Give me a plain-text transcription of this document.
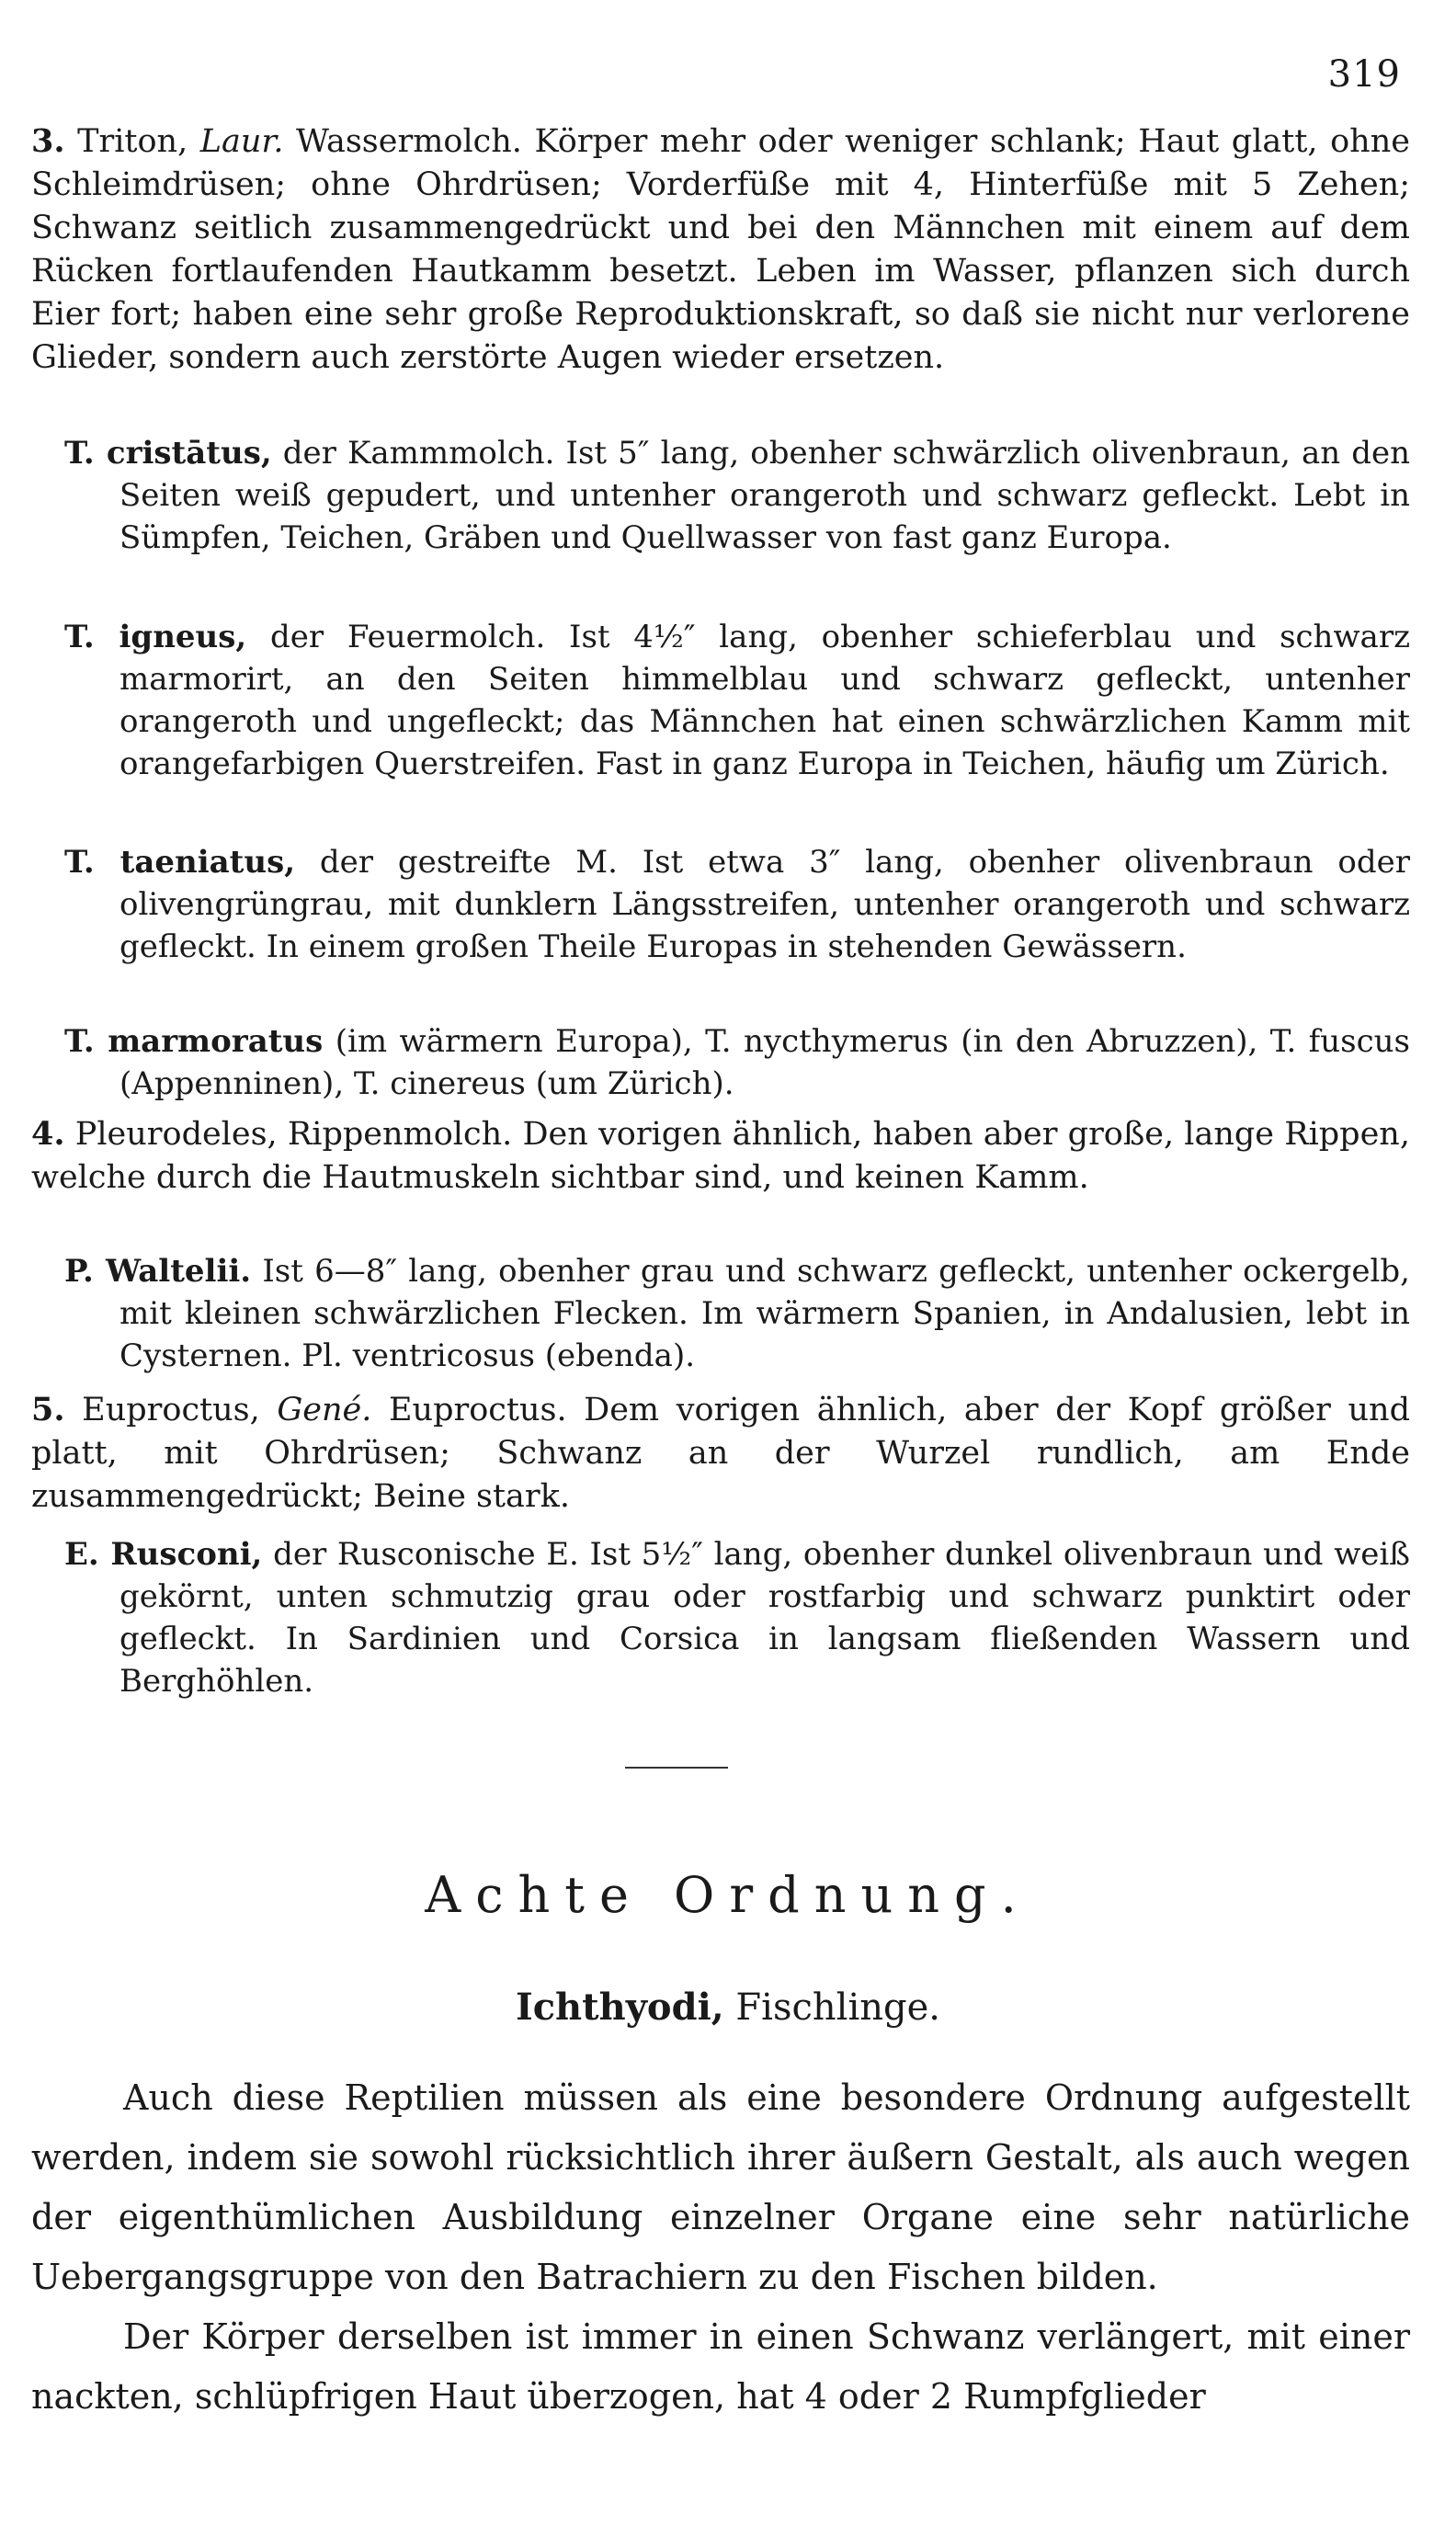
319

3. Triton, Laur. Wassermolch. Körper mehr oder weniger schlank; Haut glatt, ohne Schleimdrüsen; ohne Ohrdrüsen; Vorderfüße mit 4, Hinterfüße mit 5 Zehen; Schwanz seitlich zusammengedrückt und bei den Männchen mit einem auf dem Rücken fortlaufenden Hautkamm besetzt. Leben im Wasser, pflanzen sich durch Eier fort; haben eine sehr große Reproduktionskraft, so daß sie nicht nur verlorene Glieder, sondern auch zerstörte Augen wieder ersetzen.

T. cristātus, der Kammmolch. Ist 5″ lang, obenher schwärzlich olivenbraun, an den Seiten weiß gepudert, und untenher orangeroth und schwarz gefleckt. Lebt in Sümpfen, Teichen, Gräben und Quellwasser von fast ganz Europa.

T. igneus, der Feuermolch. Ist 4½″ lang, obenher schieferblau und schwarz marmorirt, an den Seiten himmelblau und schwarz gefleckt, untenher orangeroth und ungefleckt; das Männchen hat einen schwärzlichen Kamm mit orangefarbigen Querstreifen. Fast in ganz Europa in Teichen, häufig um Zürich.

T. taeniatus, der gestreifte M. Ist etwa 3″ lang, obenher olivenbraun oder olivengrüngrau, mit dunklern Längsstreifen, untenher orangeroth und schwarz gefleckt. In einem großen Theile Europas in stehenden Gewässern.

T. marmoratus (im wärmern Europa), T. nycthymerus (in den Abruzzen), T. fuscus (Appenninen), T. cinereus (um Zürich).

4. Pleurodeles, Rippenmolch. Den vorigen ähnlich, haben aber große, lange Rippen, welche durch die Hautmuskeln sichtbar sind, und keinen Kamm.

P. Waltelii. Ist 6—8″ lang, obenher grau und schwarz gefleckt, untenher ockergelb, mit kleinen schwärzlichen Flecken. Im wärmern Spanien, in Andalusien, lebt in Cysternen. Pl. ventricosus (ebenda).

5. Euproctus, Gené. Euproctus. Dem vorigen ähnlich, aber der Kopf größer und platt, mit Ohrdrüsen; Schwanz an der Wurzel rundlich, am Ende zusammengedrückt; Beine stark.

E. Rusconi, der Rusconische E. Ist 5½″ lang, obenher dunkel olivenbraun und weiß gekörnt, unten schmutzig grau oder rostfarbig und schwarz punktirt oder gefleckt. In Sardinien und Corsica in langsam fließenden Wassern und Berghöhlen.

Achte Ordnung.
Ichthyodi, Fischlinge.

Auch diese Reptilien müssen als eine besondere Ordnung aufgestellt werden, indem sie sowohl rücksichtlich ihrer äußern Gestalt, als auch wegen der eigenthümlichen Ausbildung einzelner Organe eine sehr natürliche Uebergangsgruppe von den Batrachiern zu den Fischen bilden.

Der Körper derselben ist immer in einen Schwanz verlängert, mit einer nackten, schlüpfrigen Haut überzogen, hat 4 oder 2 Rumpfglieder
